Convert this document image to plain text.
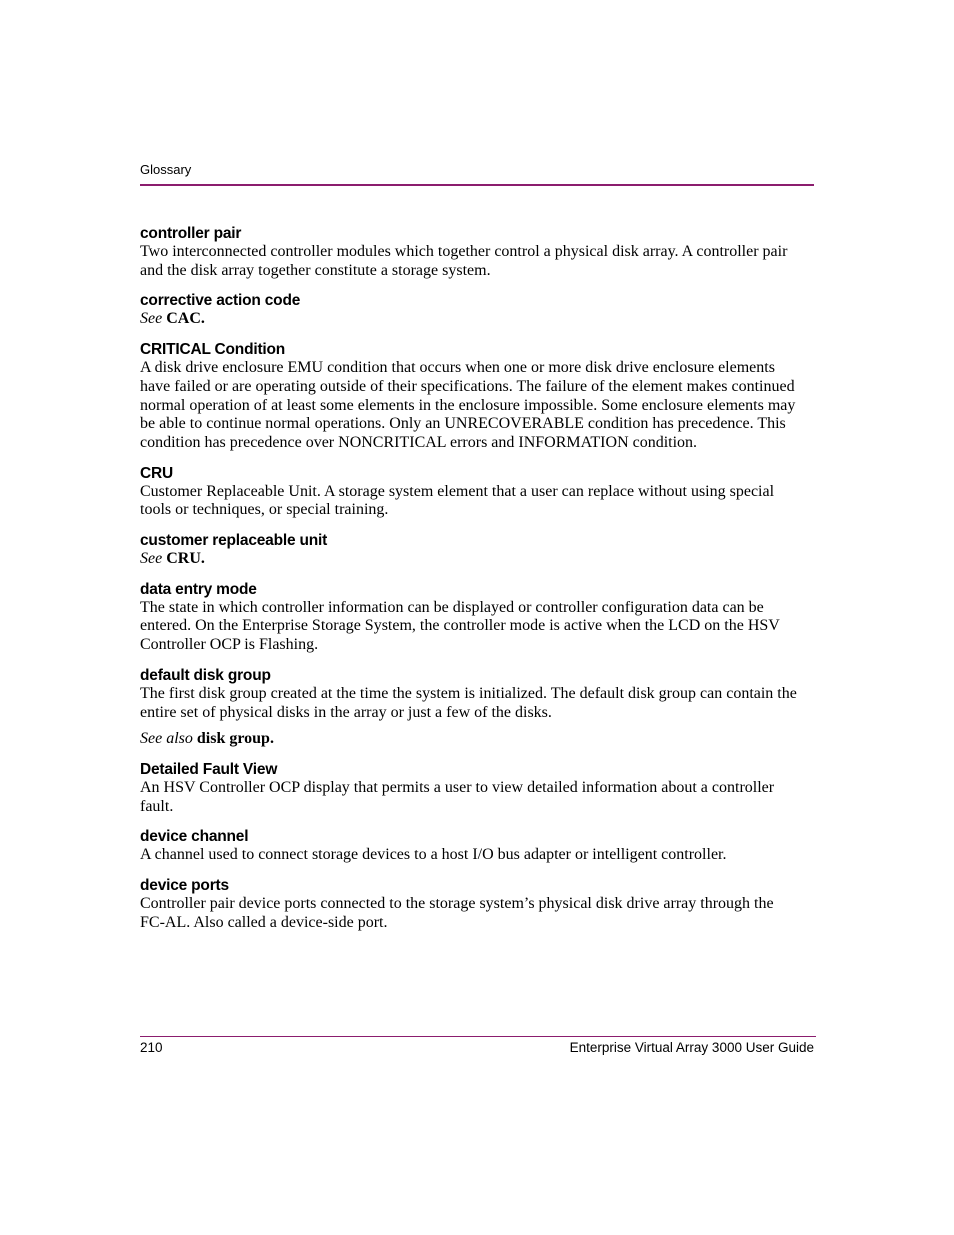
Glossary
controller pair

Two interconnected controller modules which together control a physical disk array. A controller pair and the disk array together constitute a storage system.

corrective action code

See CAC.

CRITICAL Condition

A disk drive enclosure EMU condition that occurs when one or more disk drive enclosure elements have failed or are operating outside of their specifications. The failure of the element makes continued normal operation of at least some elements in the enclosure impossible. Some enclosure elements may be able to continue normal operations. Only an UNRECOVERABLE condition has precedence. This condition has precedence over NONCRITICAL errors and INFORMATION condition.

CRU

Customer Replaceable Unit. A storage system element that a user can replace without using special tools or techniques, or special training.

customer replaceable unit

See CRU.

data entry mode

The state in which controller information can be displayed or controller configuration data can be entered. On the Enterprise Storage System, the controller mode is active when the LCD on the HSV Controller OCP is Flashing.

default disk group

The first disk group created at the time the system is initialized. The default disk group can contain the entire set of physical disks in the array or just a few of the disks.

See also disk group.

Detailed Fault View

An HSV Controller OCP display that permits a user to view detailed information about a controller fault.

device channel

A channel used to connect storage devices to a host I/O bus adapter or intelligent controller.

device ports

Controller pair device ports connected to the storage system’s physical disk drive array through the FC-AL. Also called a device-side port.

210	Enterprise Virtual Array 3000 User Guide
